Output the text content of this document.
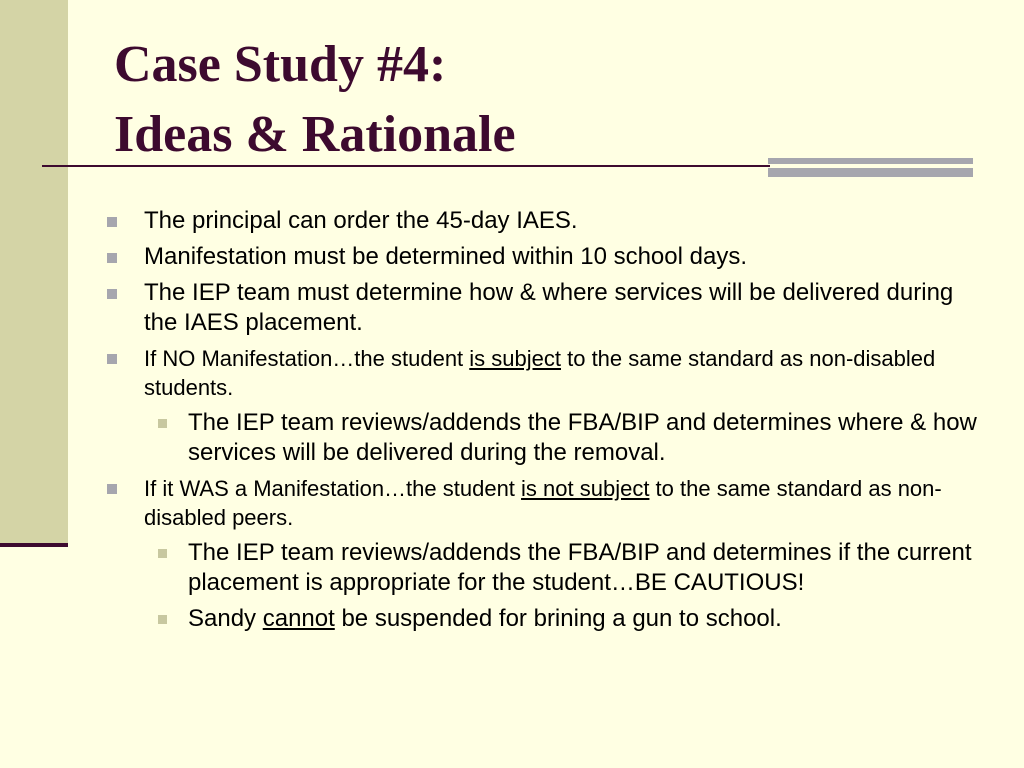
Case Study #4:
Ideas & Rationale
The principal can order the 45-day IAES.
Manifestation must be determined within 10 school days.
The IEP team must determine how & where services will be delivered during the IAES placement.
If NO Manifestation…the student is subject to the same standard as non-disabled students.
The IEP team reviews/addends the FBA/BIP and determines where & how services will be delivered during the removal.
If it WAS a Manifestation…the student is not subject to the same standard as non-disabled peers.
The IEP team reviews/addends the FBA/BIP and determines if the current placement is appropriate for the student…BE CAUTIOUS!
Sandy cannot be suspended for brining a gun to school.
